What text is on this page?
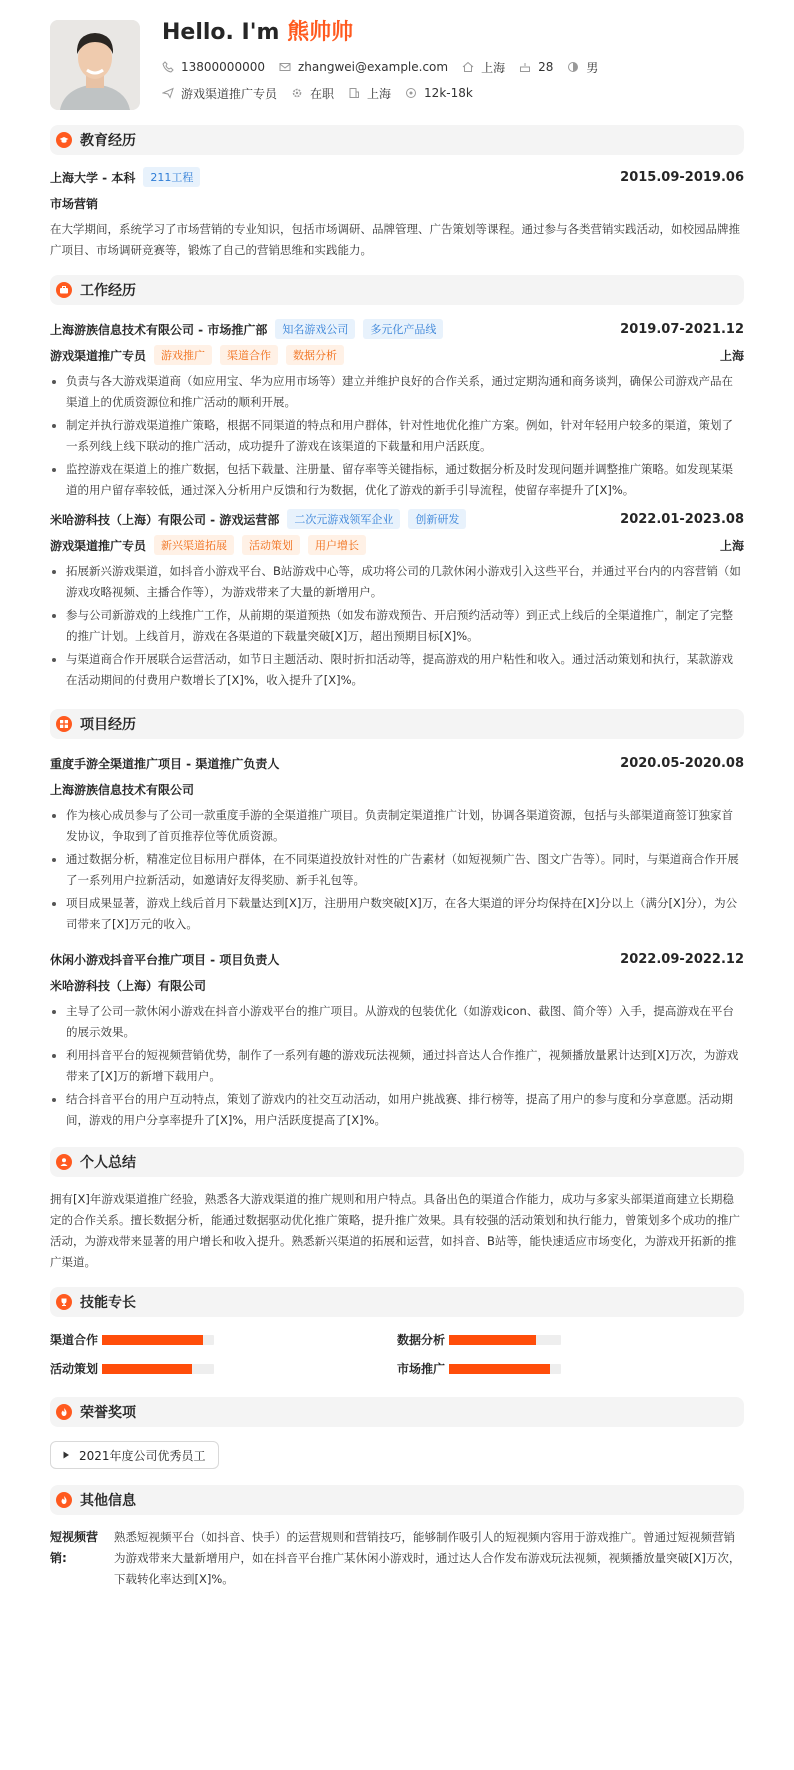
Hello. I'm 熊帅帅
13800000000	zhangwei@example.com	上海	28	男
游戏渠道推广专员	在职	上海	12k-18k
教育经历
上海大学 - 本科	211工程	2015.09-2019.06
市场营销
在大学期间，系统学习了市场营销的专业知识，包括市场调研、品牌管理、广告策划等课程。通过参与各类营销实践活动，如校园品牌推广项目、市场调研竞赛等，锻炼了自己的营销思维和实践能力。
工作经历
上海游族信息技术有限公司 - 市场推广部	知名游戏公司	多元化产品线	2019.07-2021.12
游戏渠道推广专员	游戏推广	渠道合作	数据分析	上海
负责与各大游戏渠道商（如应用宝、华为应用市场等）建立并维护良好的合作关系，通过定期沟通和商务谈判，确保公司游戏产品在渠道上的优质资源位和推广活动的顺利开展。
制定并执行游戏渠道推广策略，根据不同渠道的特点和用户群体，针对性地优化推广方案。例如，针对年轻用户较多的渠道，策划了一系列线上线下联动的推广活动，成功提升了游戏在该渠道的下载量和用户活跃度。
监控游戏在渠道上的推广数据，包括下载量、注册量、留存率等关键指标，通过数据分析及时发现问题并调整推广策略。如发现某渠道的用户留存率较低，通过深入分析用户反馈和行为数据，优化了游戏的新手引导流程，使留存率提升了[X]%。
米哈游科技（上海）有限公司 - 游戏运营部	二次元游戏领军企业	创新研发	2022.01-2023.08
游戏渠道推广专员	新兴渠道拓展	活动策划	用户增长	上海
拓展新兴游戏渠道，如抖音小游戏平台、B站游戏中心等，成功将公司的几款休闲小游戏引入这些平台，并通过平台内的内容营销（如游戏攻略视频、主播合作等），为游戏带来了大量的新增用户。
参与公司新游戏的上线推广工作，从前期的渠道预热（如发布游戏预告、开启预约活动等）到正式上线后的全渠道推广，制定了完整的推广计划。上线首月，游戏在各渠道的下载量突破[X]万，超出预期目标[X]%。
与渠道商合作开展联合运营活动，如节日主题活动、限时折扣活动等，提高游戏的用户粘性和收入。通过活动策划和执行，某款游戏在活动期间的付费用户数增长了[X]%，收入提升了[X]%。
项目经历
重度手游全渠道推广项目 - 渠道推广负责人	2020.05-2020.08
上海游族信息技术有限公司
作为核心成员参与了公司一款重度手游的全渠道推广项目。负责制定渠道推广计划，协调各渠道资源，包括与头部渠道商签订独家首发协议，争取到了首页推荐位等优质资源。
通过数据分析，精准定位目标用户群体，在不同渠道投放针对性的广告素材（如短视频广告、图文广告等）。同时，与渠道商合作开展了一系列用户拉新活动，如邀请好友得奖励、新手礼包等。
项目成果显著，游戏上线后首月下载量达到[X]万，注册用户数突破[X]万，在各大渠道的评分均保持在[X]分以上（满分[X]分），为公司带来了[X]万元的收入。
休闲小游戏抖音平台推广项目 - 项目负责人	2022.09-2022.12
米哈游科技（上海）有限公司
主导了公司一款休闲小游戏在抖音小游戏平台的推广项目。从游戏的包装优化（如游戏icon、截图、简介等）入手，提高游戏在平台的展示效果。
利用抖音平台的短视频营销优势，制作了一系列有趣的游戏玩法视频，通过抖音达人合作推广，视频播放量累计达到[X]万次，为游戏带来了[X]万的新增下载用户。
结合抖音平台的用户互动特点，策划了游戏内的社交互动活动，如用户挑战赛、排行榜等，提高了用户的参与度和分享意愿。活动期间，游戏的用户分享率提升了[X]%，用户活跃度提高了[X]%。
个人总结
拥有[X]年游戏渠道推广经验，熟悉各大游戏渠道的推广规则和用户特点。具备出色的渠道合作能力，成功与多家头部渠道商建立长期稳定的合作关系。擅长数据分析，能通过数据驱动优化推广策略，提升推广效果。具有较强的活动策划和执行能力，曾策划多个成功的推广活动，为游戏带来显著的用户增长和收入提升。熟悉新兴渠道的拓展和运营，如抖音、B站等，能快速适应市场变化，为游戏开拓新的推广渠道。
技能专长
渠道合作	数据分析
活动策划	市场推广
荣誉奖项
2021年度公司优秀员工
其他信息
短视频营销:
熟悉短视频平台（如抖音、快手）的运营规则和营销技巧，能够制作吸引人的短视频内容用于游戏推广。曾通过短视频营销为游戏带来大量新增用户，如在抖音平台推广某休闲小游戏时，通过达人合作发布游戏玩法视频，视频播放量突破[X]万次，下载转化率达到[X]%。
